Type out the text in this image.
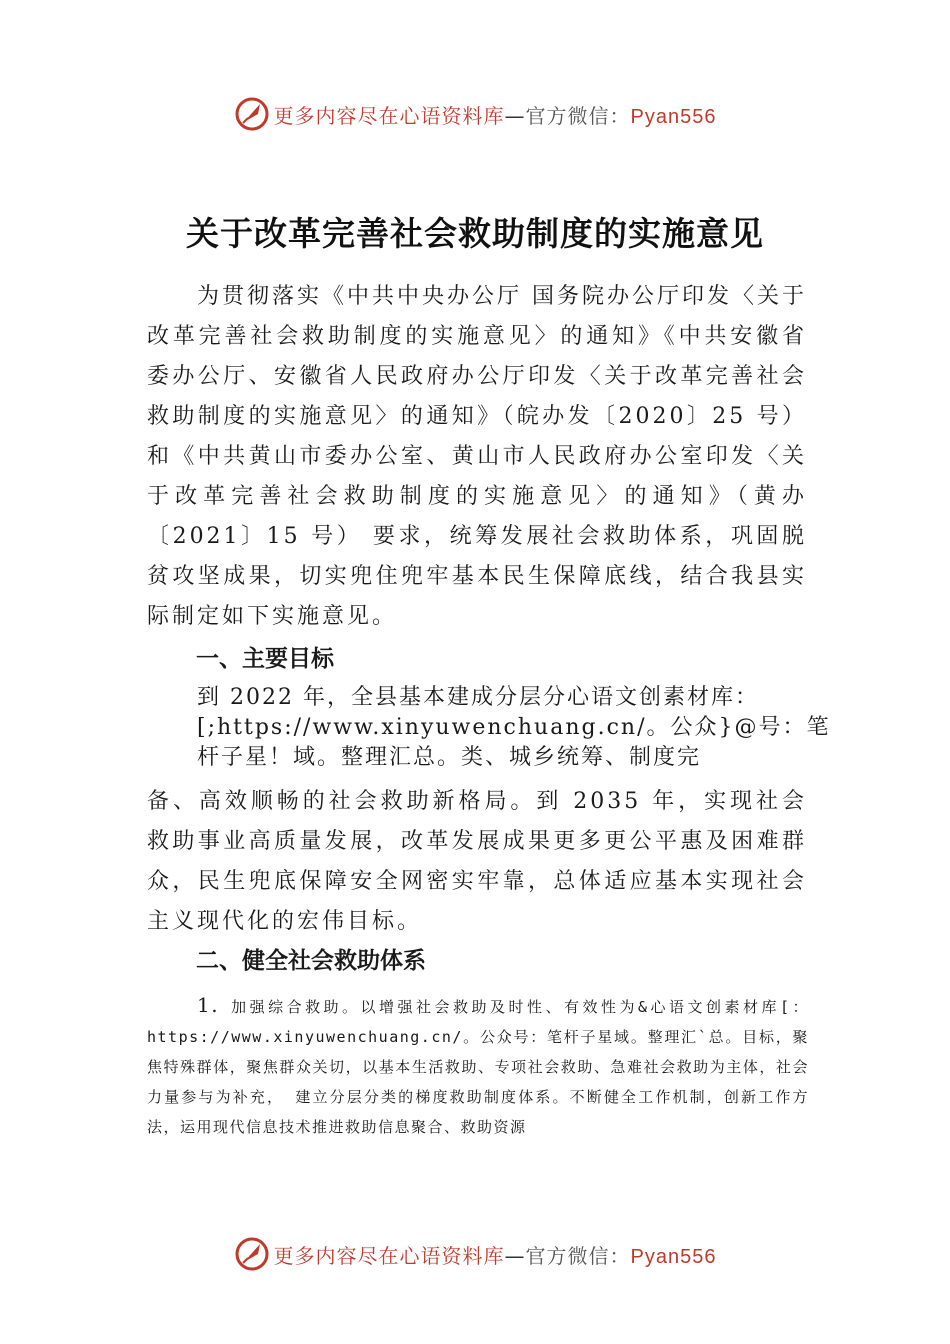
更多内容尽在心语资料库—官方微信：Pyan556
关于改革完善社会救助制度的实施意见

为贯彻落实《中共中央办公厅 国务院办公厅印发〈关于改革完善社会救助制度的实施意见〉的通知》《中共安徽省委办公厅、安徽省人民政府办公厅印发〈关于改革完善社会救助制度的实施意见〉的通知》（皖办发〔2020〕25 号）和《中共黄山市委办公室、黄山市人民政府办公室印发〈关于改革完善社会救助制度的实施意见〉的通知》（黄办〔2021〕15 号） 要求，统筹发展社会救助体系，巩固脱贫攻坚成果，切实兜住兜牢基本民生保障底线，结合我县实际制定如下实施意见。

一、主要目标

到 2022 年，全县基本建成分层分心语文创素材库：[;https://www.xinyuwenchuang.cn/。公众}@号：笔杆子星！域。整理汇总。类、城乡统筹、制度完

备、高效顺畅的社会救助新格局。到 2035 年，实现社会救助事业高质量发展，改革发展成果更多更公平惠及困难群众，民生兜底保障安全网密实牢靠，总体适应基本实现社会主义现代化的宏伟目标。

二、健全社会救助体系

1. 加强综合救助。以增强社会救助及时性、有效性为&心语文创素材库[：https://www.xinyuwenchuang.cn/。公众号：笔杆子星域。整理汇`总。目标，聚焦特殊群体，聚焦群众关切，以基本生活救助、专项社会救助、急难社会救助为主体，社会力量参与为补充， 建立分层分类的梯度救助制度体系。不断健全工作机制，创新工作方法，运用现代信息技术推进救助信息聚合、救助资源

更多内容尽在心语资料库—官方微信：Pyan556
